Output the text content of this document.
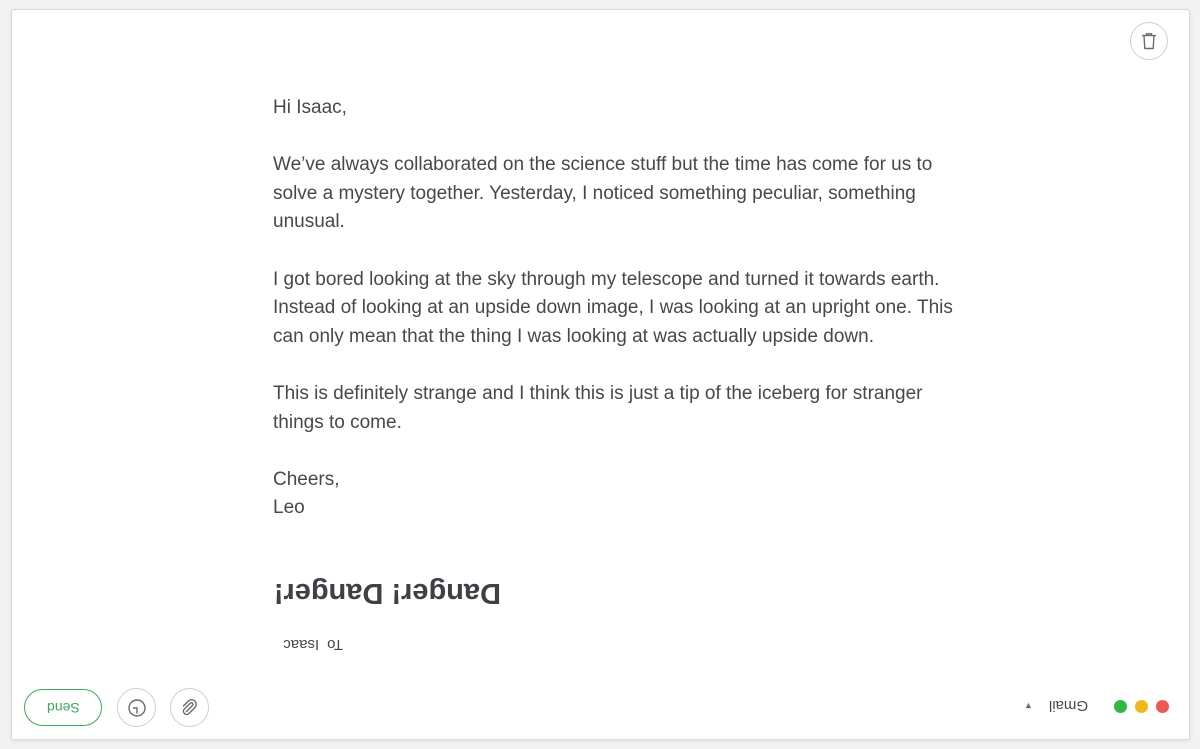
Hi Isaac,

We’ve always collaborated on the science stuff but the time has come for us to solve a mystery together. Yesterday, I noticed something peculiar, something unusual.

I got bored looking at the sky through my telescope and turned it towards earth. Instead of looking at an upside down image, I was looking at an upright one. This can only mean that the thing I was looking at was actually upside down.

This is definitely strange and I think this is just a tip of the iceberg for stranger things to come.

Cheers,

Leo

Danger! Danger!
ToIsaac
Send	Gmail
▼
